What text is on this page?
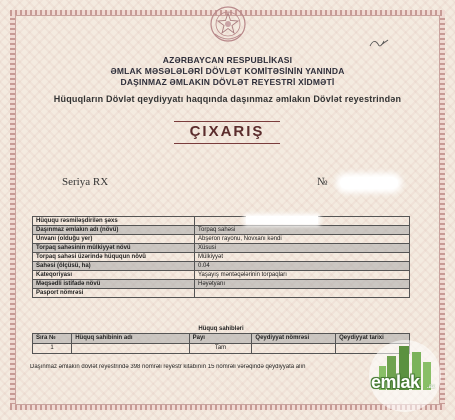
AZƏRBAYCAN RESPUBLİKASI
ƏMLAK MƏSƏLƏLƏRİ DÖVLƏT KOMİTƏSİNİN YANINDA
DAŞINMAZ ƏMLAKIN DÖVLƏT REYESTRİ XİDMƏTİ
Hüquqların Dövlət qeydiyyatı haqqında daşınmaz əmlakın Dövlət reyestrindən
ÇIXARIŞ
Seriya RX	№
Hüququ rəsmiləşdirilən şəxs	
Daşınmaz əmlakın adı (növü)	Torpaq sahəsi
Ünvanı (olduğu yer)	Abşeron rayonu, Novxanı kəndi
Torpaq sahəsinin mülkiyyət növü	Xüsusi
Torpaq sahəsi üzərində hüququn növü	Mülkiyyət
Sahəsi (ölçüsü, ha)	0.04
Kateqoriyası	Yaşayış məntəqələrinin torpaqları
Məqsədli istifadə növü	Həyətyanı
Pasport nömrəsi	
Hüquq sahibləri
Sıra №	Hüquq sahibinin adı	Payı	Qeydiyyat nömrəsi	Qeydiyyat tarixi
1		Tam		
Daşınmaz əmlakın dövlət reyestrində 398 nömrəli reyestr kitabının 15 nömrəli vərəqində qeydiyyata alın
emlak .az
